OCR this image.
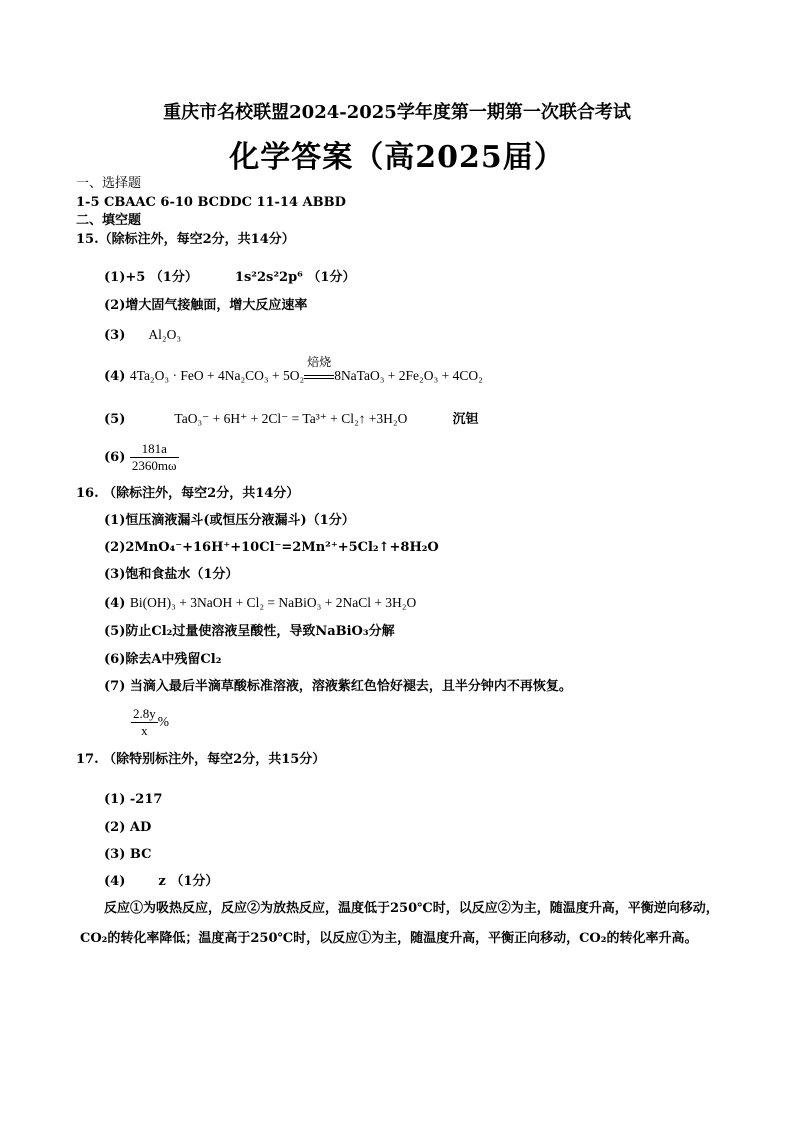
重庆市名校联盟2024-2025学年度第一期第一次联合考试
化学答案（高2025届）
一、选择题
1-5 CBAAC 6-10 BCDDC 11-14 ABBD
二、填空题
15.（除标注外，每空2分，共14分）
(1)+5 （1分）	1s²2s²2p⁶ （1分）
(2)增大固气接触面，增大反应速率
(3) Al₂O₃
(4) 4Ta₂O₃ · FeO + 4Na₂CO₃ + 5O₂
焙烧
8NaTaO₃ + 2Fe₂O₃ + 4CO₂
(5)	TaO₃⁻ + 6H⁺ + 2Cl⁻ = Ta³⁺ + Cl₂↑ +3H₂O	沉钽
$(6) \frac{181a}{2360m\omega}$
16. （除标注外，每空2分，共14分）
(1)恒压滴液漏斗(或恒压分液漏斗)（1分）
(2)2MnO₄⁻+16H⁺+10Cl⁻=2Mn²⁺+5Cl₂↑+8H₂O
(3)饱和食盐水（1分）
(4) Bi(OH)₃ + 3NaOH + Cl₂ = NaBiO₃ + 2NaCl + 3H₂O
(5)防止Cl₂过量使溶液呈酸性，导致NaBiO₃分解
(6)除去A中残留Cl₂
(7) 当滴入最后半滴草酸标准溶液，溶液紫红色恰好褪去，且半分钟内不再恢复。
$\frac{2.8y}{x}$ %
17. （除特别标注外，每空2分，共15分）
(1) -217
(2) AD
(3) BC
(4)	z （1分）
反应①为吸热反应，反应②为放热反应，温度低于250℃时，以反应②为主，随温度升高，平衡逆向移动，CO₂的转化率降低；温度高于250℃时，以反应①为主，随温度升高，平衡正向移动，CO₂的转化率升高。
